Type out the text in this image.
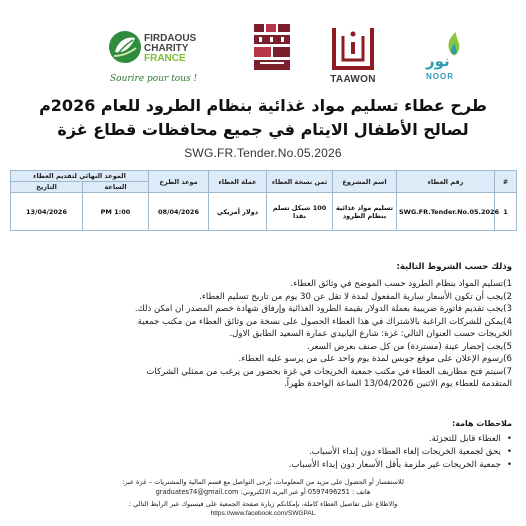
FIRDAOUS
CHARITY
FRANCE
Sourire pour tous !	TAAWON
نور
NOOR
طرح عطاء تسليم مواد غذائية بنظام الطرود للعام 2026م
لصالح الأطفال الايتام في جميع محافظات قطاع غزة
SWG.FR.Tender.No.05.2026
#	رقم العطاء	اسم المشروع	ثمن نسخة العطاء	عملة العطاء	موعد الطرح	الموعد النهائي لتقديم العطاء	
						الساعة	التاريخ
1	SWG.FR.Tender.No.05.2026	تسليم مواد غذائية بنظام الطرود	100 شيكل تسلم نقدا	دولار أمريكي	08/04/2026	PM 1:00	13/04/2026
وذلك حسب الشروط التالية:
1)تسليم المواد بنظام الطرود حسب الموضح في وثائق العطاء.
2)يجب أن تكون الأسعار سارية المفعول لمدة لا تقل عن 30 يوم من تاريخ تسليم العطاء.
3)يجب تقديم فاتورة ضريبية بعملة الدولار بقيمة الطرود الغذائية وإرفاق شهادة خصم المصدر ان امكن ذلك.
4)يمكن للشركات الراغبة بالاشتراك في هذا العطاء الحصول على نسخة من وثائق العطاء من مكتب جمعية
الخريجات حسب العنوان التالي: غزة: شارع اليابيدي عمارة السعيد الطابق الاول.
5)يجب إحضار عينة (مستردة) من كل صنف بعرض السعر.
6)رسوم الإعلان على موقع جوبس لمدة يوم واحد على من يرسو عليه العطاء.
7)سيتم فتح مظاريف العطاء في مكتب جمعية الخريجات في غزة بحضور من يرغب من ممثلي الشركات
المتقدمة للعطاء يوم الاثنين 13/04/2026 الساعة الواحدة ظهراً.
ملاحظات هامة:
• العطاء قابل للتجزئة.
• يحق لجمعية الخريجات إلغاء العطاء دون إبداء الأسباب.
• جمعية الخريجات غير ملزمة بأقل الأسعار دون إبداء الأسباب.
للاستفسار أو الحصول على مزيد من المعلومات، يُرجى التواصل مع قسم المالية والمشتريات – غزة عبر:
هاتف : 0597496251 أو عبر البريد الالكتروني: graduates74@gmail.com
والاطلاع على تفاصيل العطاء كاملة، بإمكانكم زيارة صفحة الجمعية على فيسبوك عبر الرابط التالي :
https://www.facebook.com/SWGPAL
